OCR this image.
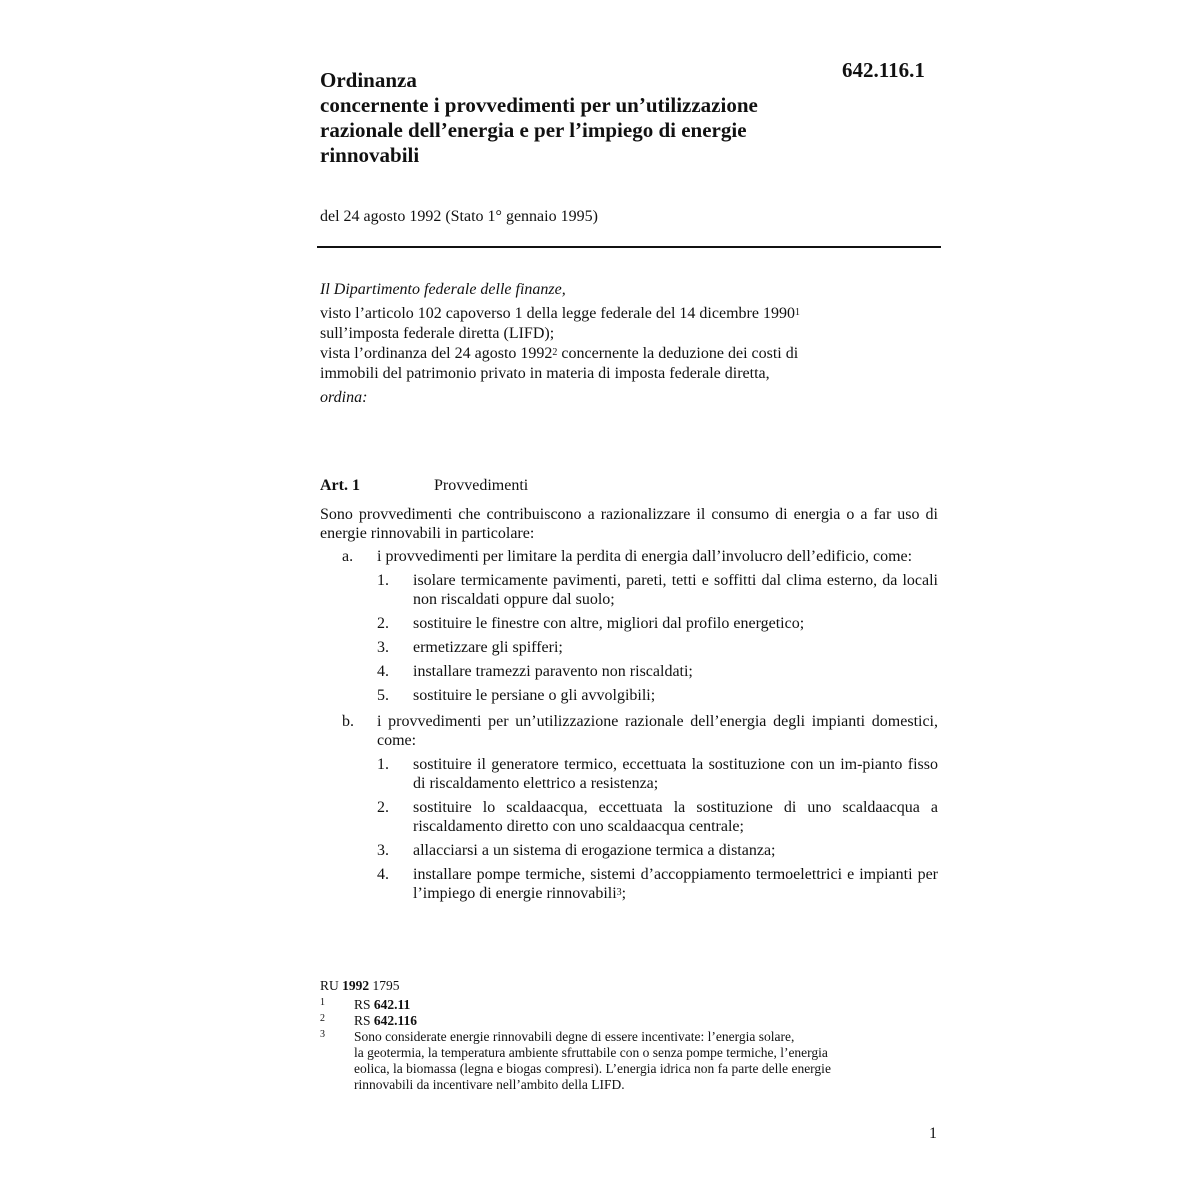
642.116.1
Ordinanza
concernente i provvedimenti per un’utilizzazione
razionale dell’energia e per l’impiego di energie
rinnovabili
del 24 agosto 1992 (Stato 1° gennaio 1995)
Il Dipartimento federale delle finanze,
visto l’articolo 102 capoverso 1 della legge federale del 14 dicembre 1990$^1$
sull’imposta federale diretta (LIFD);
vista l’ordinanza del 24 agosto 1992$^2$ concernente la deduzione dei costi di
immobili del patrimonio privato in materia di imposta federale diretta,
ordina:
Art. 1	Provvedimenti
Sono provvedimenti che contribuiscono a razionalizzare il consumo di energia o a far uso di energie rinnovabili in particolare:
a. i provvedimenti per limitare la perdita di energia dall’involucro dell’edificio, come:
1. isolare termicamente pavimenti, pareti, tetti e soffitti dal clima esterno, da locali non riscaldati oppure dal suolo;
2. sostituire le finestre con altre, migliori dal profilo energetico;
3. ermetizzare gli spifferi;
4. installare tramezzi paravento non riscaldati;
5. sostituire le persiane o gli avvolgibili;
b. i provvedimenti per un’utilizzazione razionale dell’energia degli impianti domestici, come:
1. sostituire il generatore termico, eccettuata la sostituzione con un im-pianto fisso di riscaldamento elettrico a resistenza;
2. sostituire lo scaldaacqua, eccettuata la sostituzione di uno scaldaacqua a riscaldamento diretto con uno scaldaacqua centrale;
3. allacciarsi a un sistema di erogazione termica a distanza;
4. installare pompe termiche, sistemi d’accoppiamento termoelettrici e impianti per l’impiego di energie rinnovabili$^3$;
RU 1992 1795
1 RS 642.11
2 RS 642.116
3 Sono considerate energie rinnovabili degne di essere incentivate: l’energia solare,
la geotermia, la temperatura ambiente sfruttabile con o senza pompe termiche, l’energia
eolica, la biomassa (legna e biogas compresi). L’energia idrica non fa parte delle energie
rinnovabili da incentivare nell’ambito della LIFD.
1
